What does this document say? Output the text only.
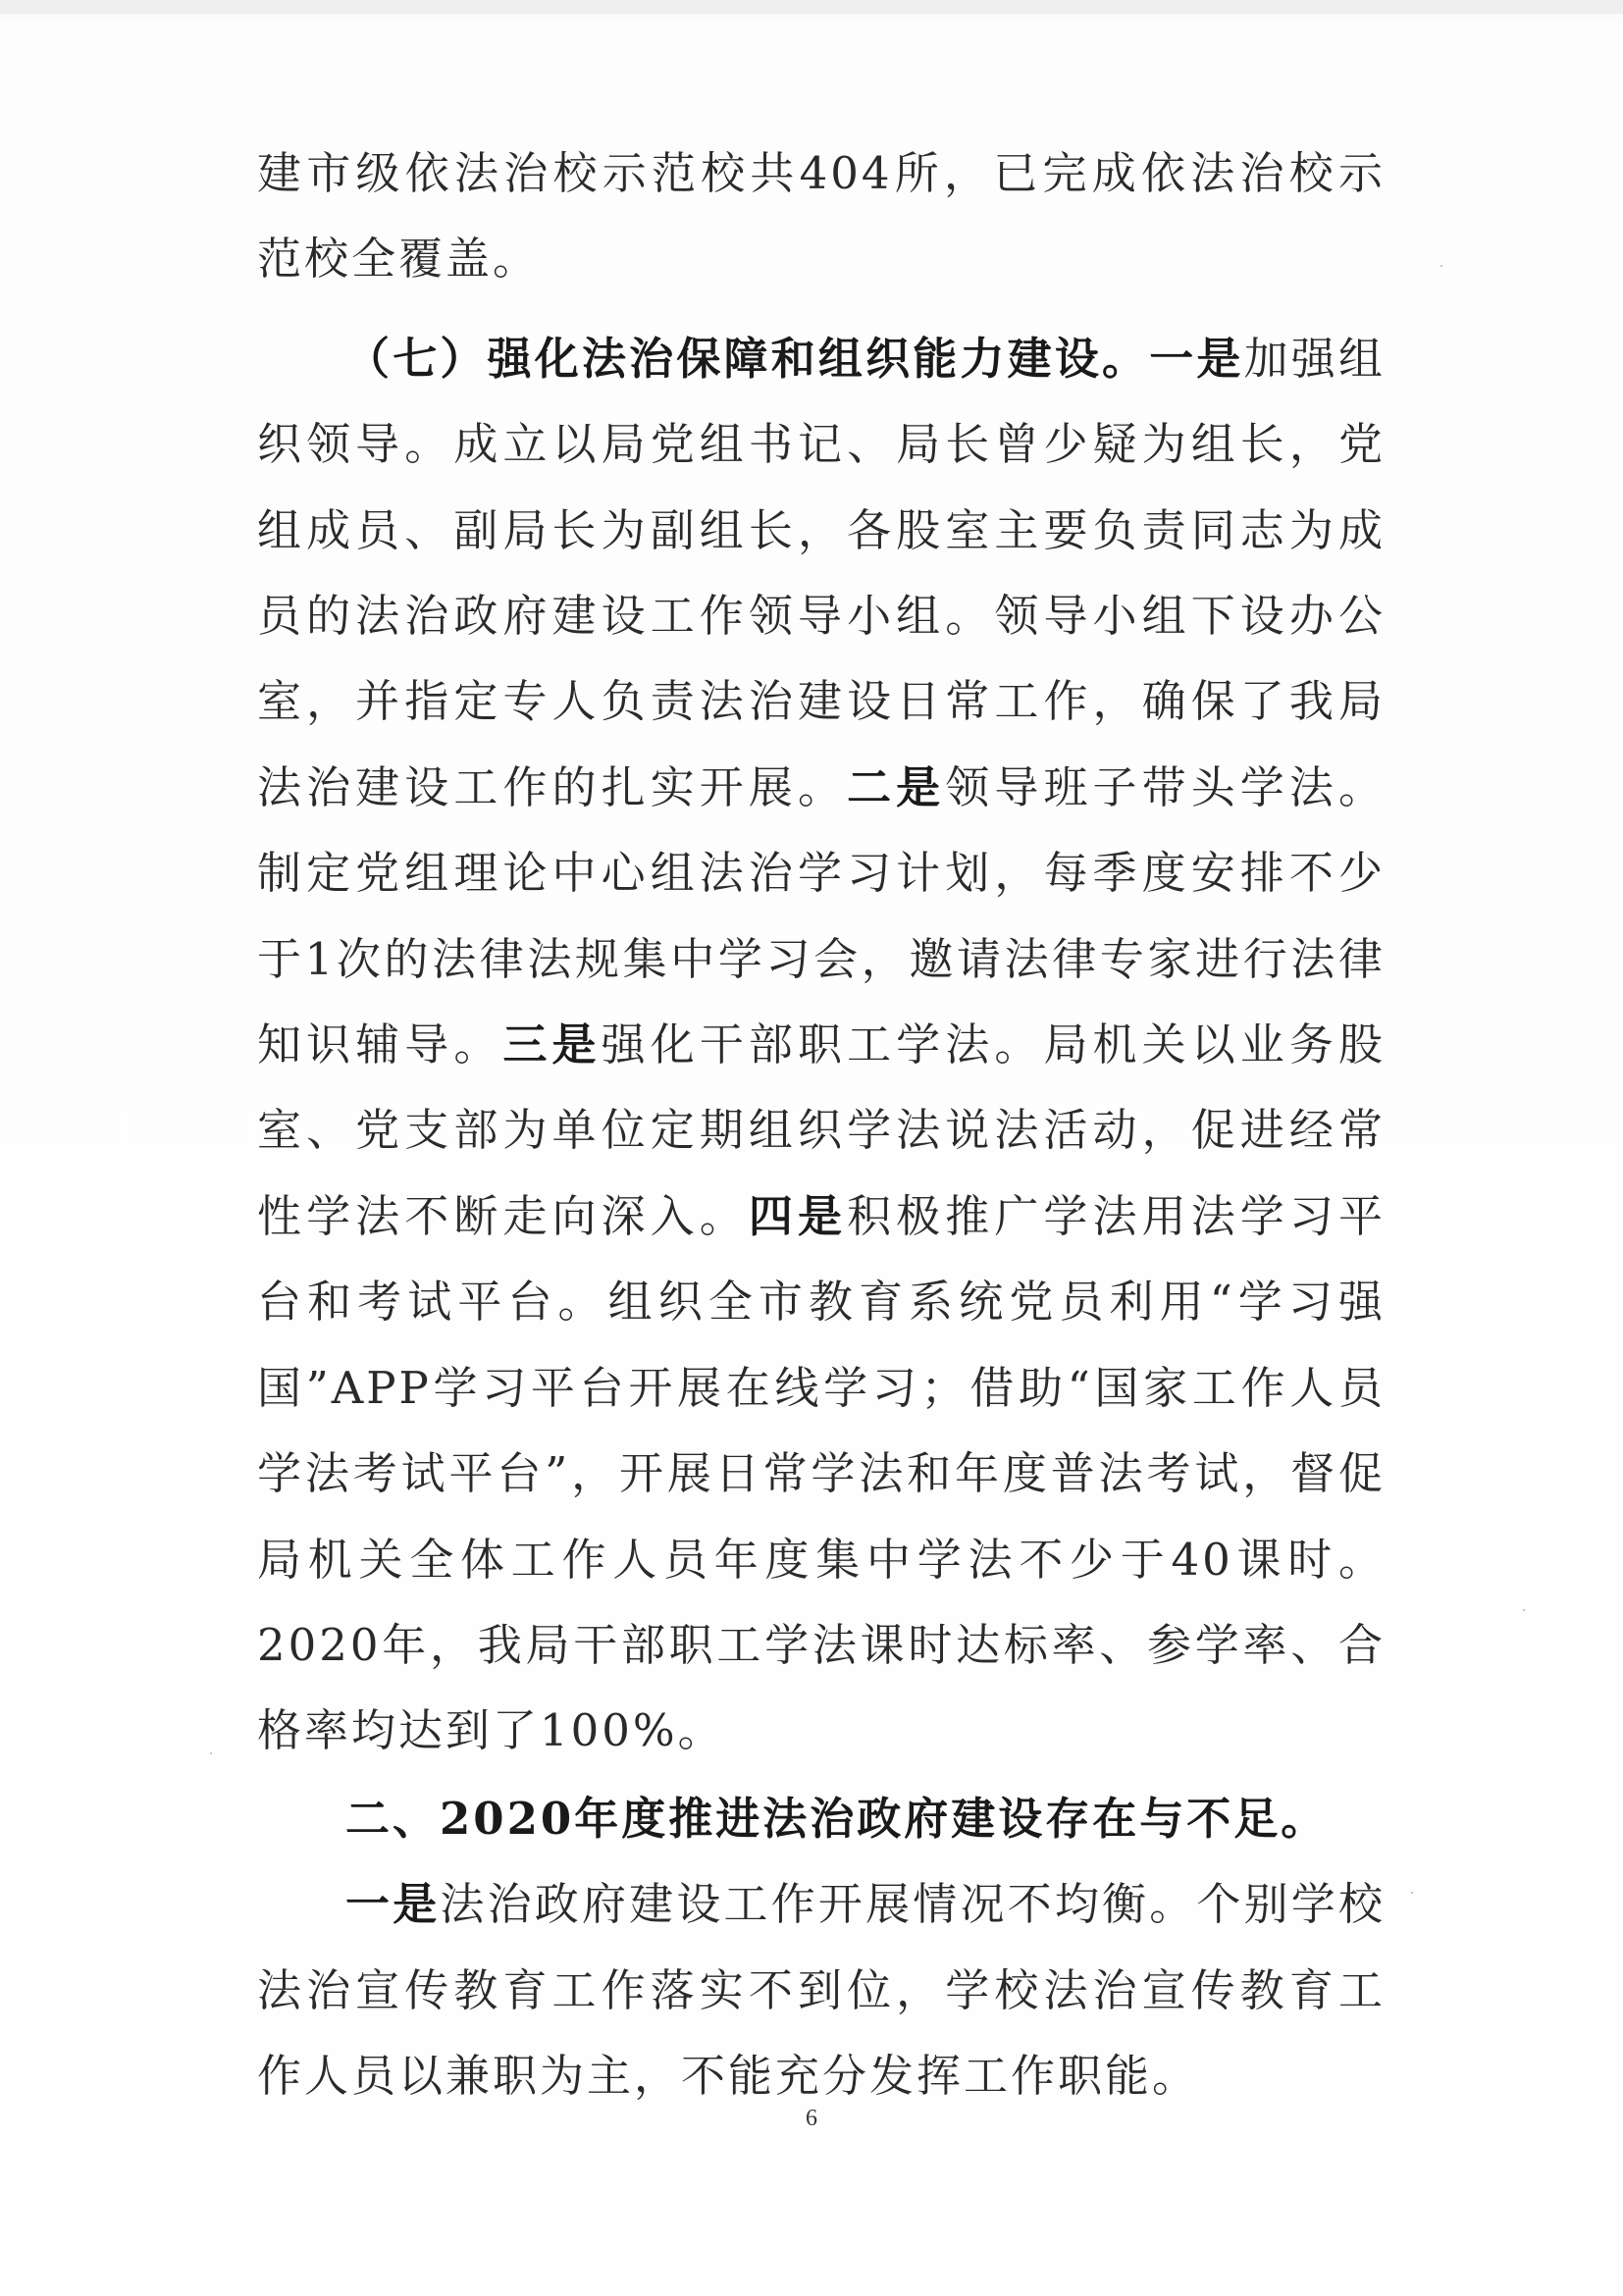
建市级依法治校示范校共404所，已完成依法治校示范校全覆盖。

（七）强化法治保障和组织能力建设。一是加强组织领导。成立以局党组书记、局长曾少疑为组长，党组成员、副局长为副组长，各股室主要负责同志为成员的法治政府建设工作领导小组。领导小组下设办公室，并指定专人负责法治建设日常工作，确保了我局法治建设工作的扎实开展。二是领导班子带头学法。制定党组理论中心组法治学习计划，每季度安排不少于1次的法律法规集中学习会，邀请法律专家进行法律知识辅导。三是强化干部职工学法。局机关以业务股室、党支部为单位定期组织学法说法活动，促进经常性学法不断走向深入。四是积极推广学法用法学习平台和考试平台。组织全市教育系统党员利用“学习强国”APP学习平台开展在线学习；借助“国家工作人员学法考试平台”，开展日常学法和年度普法考试，督促局机关全体工作人员年度集中学法不少于40课时。2020年，我局干部职工学法课时达标率、参学率、合格率均达到了100%。

二、2020年度推进法治政府建设存在与不足。

一是法治政府建设工作开展情况不均衡。个别学校法治宣传教育工作落实不到位，学校法治宣传教育工作人员以兼职为主，不能充分发挥工作职能。

6
